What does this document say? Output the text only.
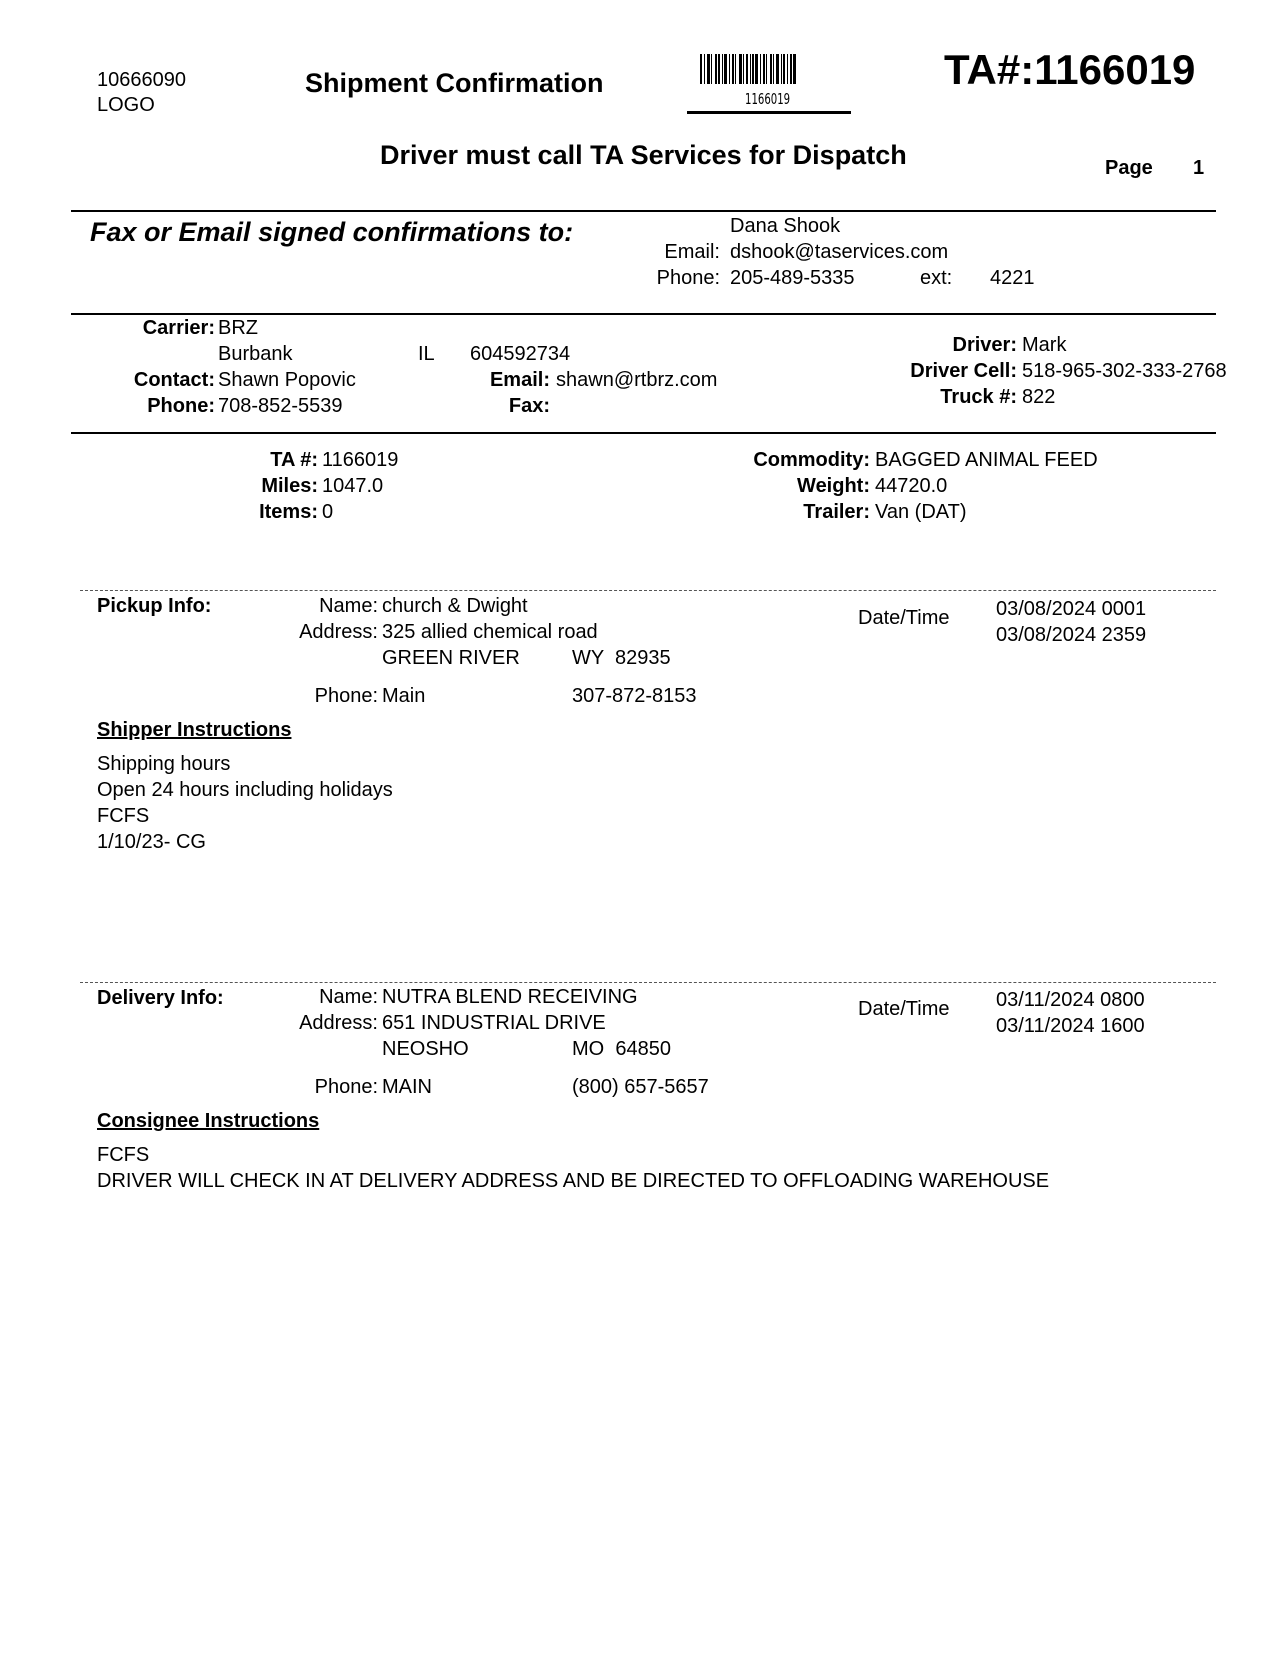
10666090
LOGO
Shipment Confirmation
1166019
TA#:1166019
Driver must call TA Services for Dispatch	Page 1
Fax or Email signed confirmations to:	Dana Shook
Email: dshook@taservices.com
Phone: 205-489-5335	ext: 4221
Carrier: BRZ
Burbank	IL 604592734
Contact: Shawn Popovic
Phone: 708-852-5539
Email: shawn@rtbrz.com
Fax:
Driver: Mark
Driver Cell: 518-965-302-333-2768
Truck #: 822
TA #: 1166019
Miles: 1047.0
Items: 0
Commodity: BAGGED ANIMAL FEED
Weight: 44720.0
Trailer: Van (DAT)
Pickup Info:	Name: church & Dwight
Address: 325 allied chemical road
GREEN RIVER	WY  82935
Phone: Main	307-872-8153
Date/Time 03/08/2024 0001
03/08/2024 2359
Shipper Instructions
Shipping hours
Open 24 hours including holidays
FCFS
1/10/23- CG
Delivery Info:	Name: NUTRA BLEND RECEIVING
Address: 651 INDUSTRIAL DRIVE
NEOSHO	MO  64850
Phone: MAIN	(800) 657-5657
Date/Time 03/11/2024 0800
03/11/2024 1600
Consignee Instructions
FCFS
DRIVER WILL CHECK IN AT DELIVERY ADDRESS AND BE DIRECTED TO OFFLOADING WAREHOUSE
